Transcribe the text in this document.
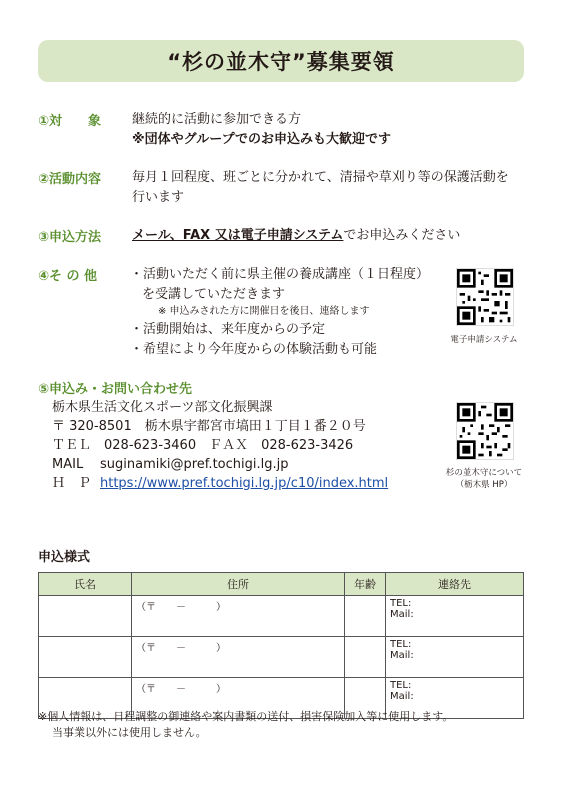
“杉の並木守”募集要領
①対　　象 継続的に活動に参加できる方
※団体やグループでのお申込みも大歓迎です
②活動内容 毎月１回程度、班ごとに分かれて、清掃や草刈り等の保護活動を
行います
③申込方法 メール、FAX 又は電子申請システムでお申込みください
④そ の 他	・活動いただく前に県主催の養成講座（１日程度）
を受講していただきます
※ 申込みされた方に開催日を後日、連絡します
・活動開始は、来年度からの予定
・希望により今年度からの体験活動も可能
電子申請システム
⑤申込み・お問い合わせ先
栃木県生活文化スポーツ部文化振興課
〒 320-8501　栃木県宇都宮市塙田１丁目１番２０号
ＴＥＬ　028-623-3460　ＦＡＸ　028-623-3426
MAIL suginamiki@pref.tochigi.lg.jp
Ｈ　Ｐ https://www.pref.tochigi.lg.jp/c10/index.html
杉の並木守について
（栃木県 HP）
申込様式
氏名	住所	年齢	連絡先
	（〒　　－　　　）		TEL:
Mail:

	（〒　　－　　　）		TEL:
Mail:

	（〒　　－　　　）		TEL:
Mail:
※個人情報は、日程調整の御連絡や案内書類の送付、損害保険加入等に使用します。
当事業以外には使用しません。
